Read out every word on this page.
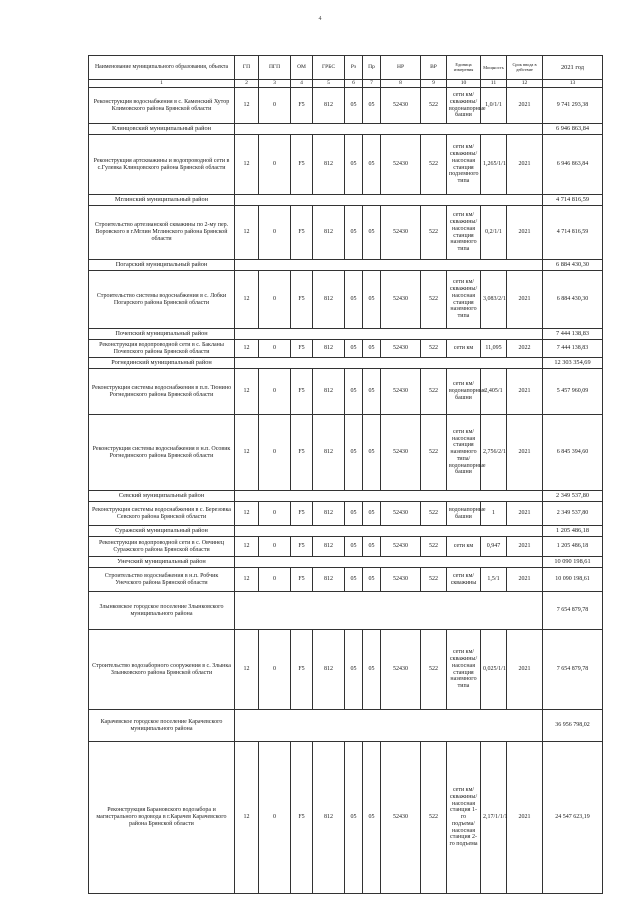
4
Наименование муниципального образования, объекта	ГП	ПГП	ОМ	ГРБС	Рз	Пр	НР	ВР	Единица измерения	Мощность	Срок ввода в действие	2021 год
1	2	3	4	5	6	7	8	9	10	11	12	13
Реконструкция водоснабжения в с. Каменский Хутор Климовского района Брянской области	12	0	F5	812	05	05	52430	522	сети км/скважины/водонапорные башни	1,0/1/1	2021	9 741 293,38
Клинцовский муниципальный район												6 946 863,84
Реконструкция артскважины и водопроводной сети в с.Гулевка Клинцовского района Брянской области	12	0	F5	812	05	05	52430	522	сети км/скважины/насосная станция подземного типа	1,265/1/1	2021	6 946 863,84
Мглинский муниципальный район												4 714 816,59
Строительство артезианской скважины по 2-му пер. Воровского в г.Мглин Мглинского района Брянской области	12	0	F5	812	05	05	52430	522	сети км/скважины/насосная станция наземного типа	0,2/1/1	2021	4 714 816,59
Погарский муниципальный район												6 884 430,30
Строительство системы водоснабжения в с. Лобки Погарского района Брянской области	12	0	F5	812	05	05	52430	522	сети км/скважины/насосная станция наземного типа	3,083/2/1	2021	6 884 430,30
Почепский муниципальный район												7 444 138,83
Реконструкция водопроводной сети в с. Бакланы Почепского района Брянской области	12	0	F5	812	05	05	52430	522	сети км	11,095	2022	7 444 138,83
Рогнединский муниципальный район												12 303 354,69
Реконструкция системы водоснабжения в п.п. Тюнино Рогнединского района Брянской области	12	0	F5	812	05	05	52430	522	сети км/водонапорные башни	2,405/1	2021	5 457 960,09
Реконструкция системы водоснабжения в н.п. Осовик Рогнединского района Брянской области	12	0	F5	812	05	05	52430	522	сети км/насосная станция наземного типа/водонапорные башни	2,756/2/1	2021	6 845 394,60
Севский муниципальный район												2 349 537,80
Реконструкция системы водоснабжения в с. Березовка Севского района Брянской области	12	0	F5	812	05	05	52430	522	водонапорные башни	1	2021	2 349 537,80
Суражский муниципальный район												1 205 486,18
Реконструкция водопроводной сети в с. Овчинец Суражского района Брянской области	12	0	F5	812	05	05	52430	522	сети км	0,947	2021	1 205 486,18
Унечский муниципальный район												10 090 198,61
Строительство водоснабжения в н.п. Робчик Унечского района Брянской области	12	0	F5	812	05	05	52430	522	сети км/скважины	1,5/1	2021	10 090 198,61
Злынковское городское поселение Злынковского муниципального района												7 654 879,78
Строительство водозаборного сооружения в с. Злынка Злынковского района Брянской области	12	0	F5	812	05	05	52430	522	сети км/скважины/насосная станция наземного типа	0,025/1/1	2021	7 654 879,78
Карачевское городское поселение Карачевского муниципального района												36 956 798,02
Реконструкция Барановского водозабора и магистрального водовода в г.Карачев Карачевского района Брянской области	12	0	F5	812	05	05	52430	522	сети км/скважины/насосная станция 1-го подъема/насосная станция 2-го подъема	2,17/1/1/1	2021	24 547 623,19
